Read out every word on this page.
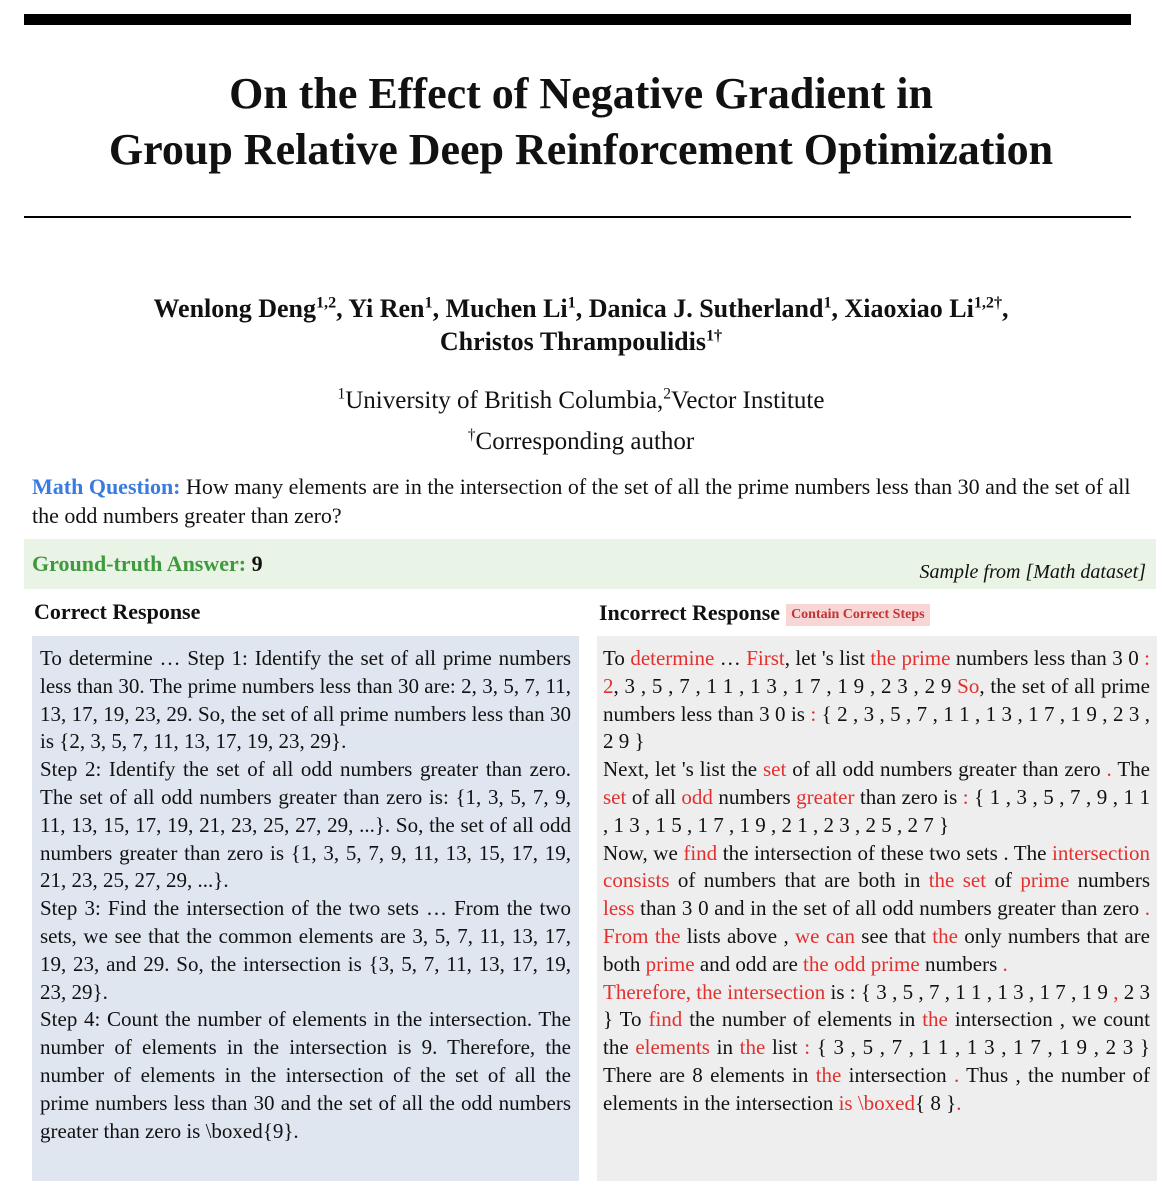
On the Effect of Negative Gradient in
Group Relative Deep Reinforcement Optimization
Wenlong Deng$^{1,2}$, Yi Ren$^1$, Muchen Li$^1$, Danica J. Sutherland$^1$, Xiaoxiao $Li^{1,2\dagger}$,
Christos Thrampoulidis$^{1\dagger}$
$^1$University of British Columbia,$^2$Vector Institute
†Corresponding author
Math Question: How many elements are in the intersection of the set of all the prime numbers less than 30 and the set of all the odd numbers greater than zero?
Ground-truth Answer: 9	Sample from [Math dataset]
Correct Response	Incorrect Response Contain Correct Steps

To determine … Step 1: Identify the set of all prime numbers less than 30. The prime numbers less than 30 are: 2, 3, 5, 7, 11, 13, 17, 19, 23, 29. So, the set of all prime numbers less than 30 is {2, 3, 5, 7, 11, 13, 17, 19, 23, 29}.

Step 2: Identify the set of all odd numbers greater than zero. The set of all odd numbers greater than zero is: {1, 3, 5, 7, 9, 11, 13, 15, 17, 19, 21, 23, 25, 27, 29, ...}. So, the set of all odd numbers greater than zero is {1, 3, 5, 7, 9, 11, 13, 15, 17, 19, 21, 23, 25, 27, 29, ...}.

Step 3: Find the intersection of the two sets … From the two sets, we see that the common elements are 3, 5, 7, 11, 13, 17, 19, 23, and 29. So, the intersection is {3, 5, 7, 11, 13, 17, 19, 23, 29}.

Step 4: Count the number of elements in the intersection. The number of elements in the intersection is 9. Therefore, the number of elements in the intersection of the set of all the prime numbers less than 30 and the set of all the odd numbers greater than zero is \boxed{9}.

To determine … First, let 's list the prime numbers less than 3 0 : 2, 3 , 5 , 7 , 1 1 , 1 3 , 1 7 , 1 9 , 2 3 , 2 9 So, the set of all prime numbers less than 3 0 is : { 2 , 3 , 5 , 7 , 1 1 , 1 3 , 1 7 , 1 9 , 2 3 , 2 9 }

Next, let 's list the set of all odd numbers greater than zero . The set of all odd numbers greater than zero is : { 1 , 3 , 5 , 7 , 9 , 1 1 , 1 3 , 1 5 , 1 7 , 1 9 , 2 1 , 2 3 , 2 5 , 2 7 }

Now, we find the intersection of these two sets . The intersection consists of numbers that are both in the set of prime numbers less than 3 0 and in the set of all odd numbers greater than zero . From the lists above , we can see that the only numbers that are both prime and odd are the odd prime numbers .

Therefore, the intersection is : { 3 , 5 , 7 , 1 1 , 1 3 , 1 7 , 1 9 , 2 3 } To find the number of elements in the intersection , we count the elements in the list : { 3 , 5 , 7 , 1 1 , 1 3 , 1 7 , 1 9 , 2 3 } There are 8 elements in the intersection . Thus , the number of elements in the intersection is \boxed{ 8 }.
